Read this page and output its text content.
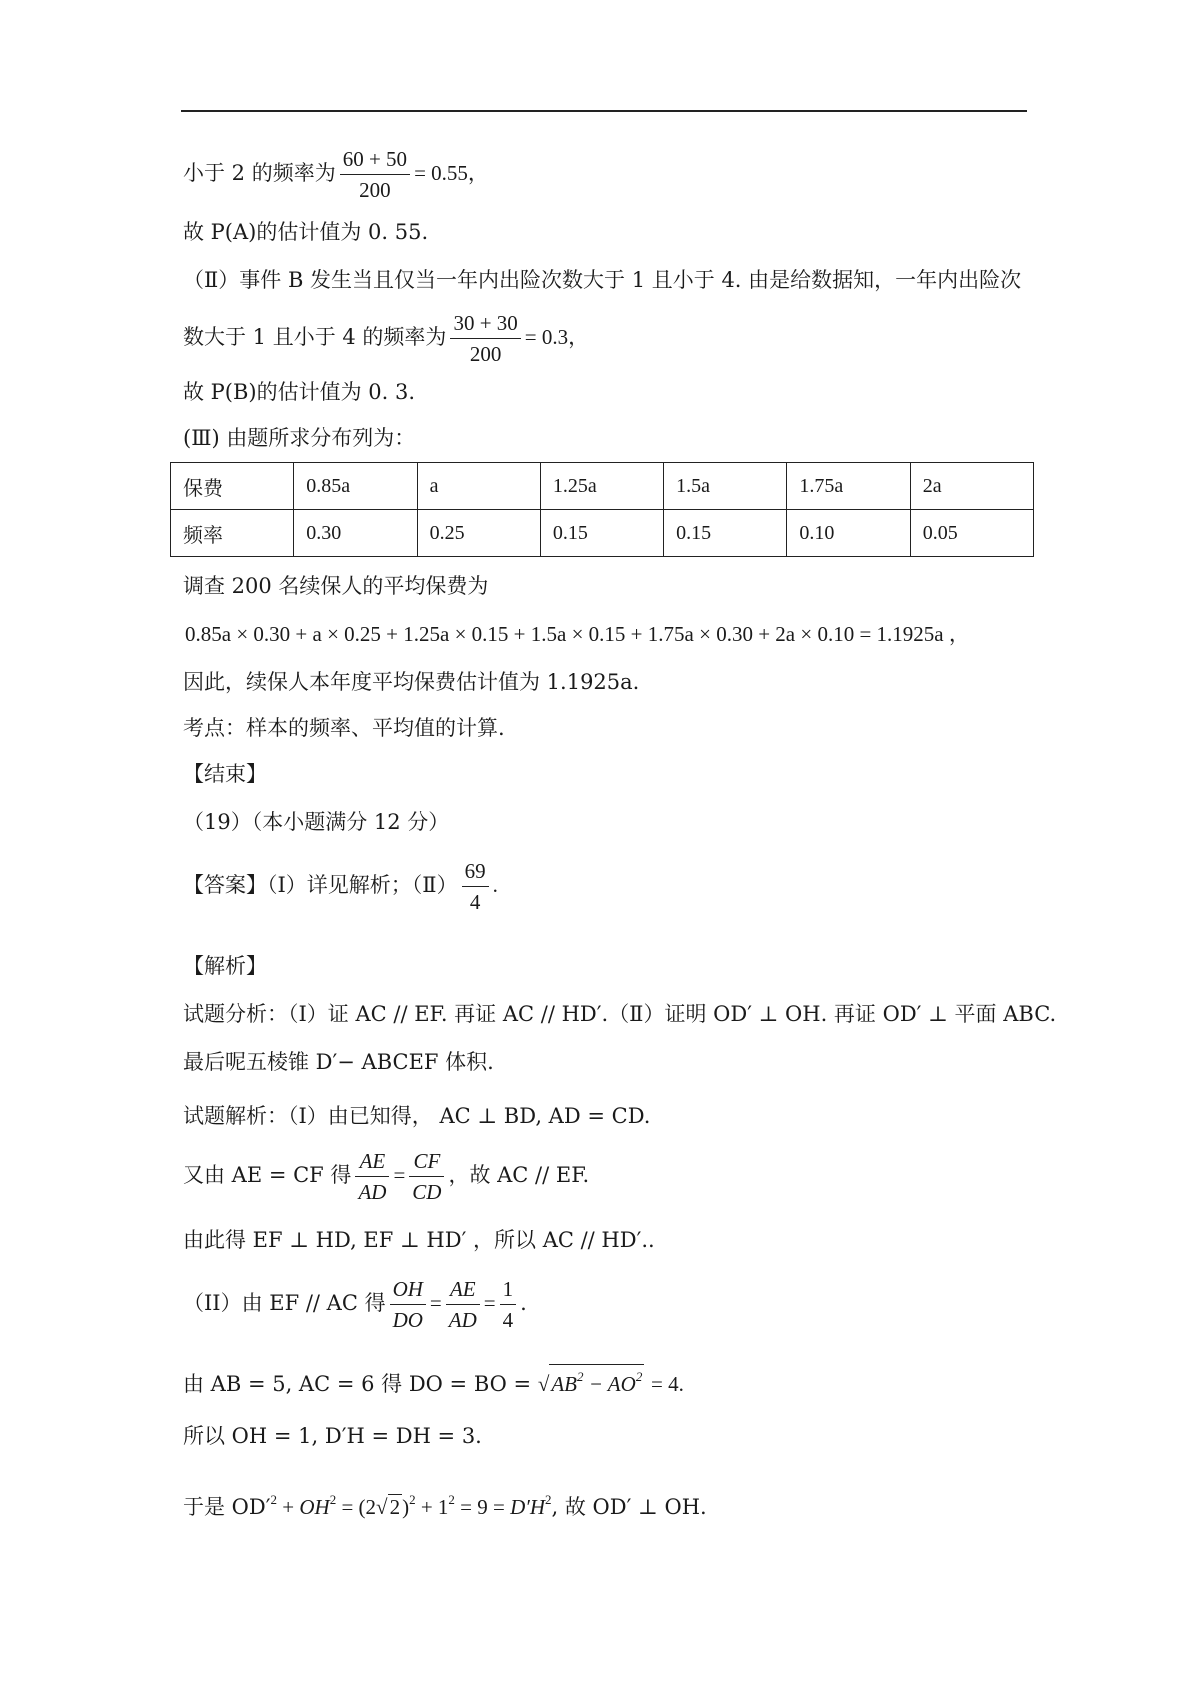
小于 2 的频率为 $\frac{60 + 50}{200} = 0.55$，
故 P(A)的估计值为 0. 55.
（Ⅱ）事件 B 发生当且仅当一年内出险次数大于 1 且小于 4. 由是给数据知，一年内出险次
数大于 1 且小于 4 的频率为 $\frac{30 + 30}{200} = 0.3$，
故 P(B)的估计值为 0. 3.
(Ⅲ) 由题所求分布列为：
保费	0.85a	a	1.25a	1.5a	1.75a	2a
频率	0.30	0.25	0.15	0.15	0.10	0.05
调查 200 名续保人的平均保费为
0.85a × 0.30 + a × 0.25 + 1.25a × 0.15 + 1.5a × 0.15 + 1.75a × 0.30 + 2a × 0.10 = 1.1925a ，
因此，续保人本年度平均保费估计值为 1.1925a.
考点：样本的频率、平均值的计算.
【结束】
（19）（本小题满分 12 分）
【答案】（Ⅰ）详见解析；（Ⅱ） $\frac{69}{4}$ .
【解析】
试题分析：（Ⅰ）证 AC // EF. 再证 AC // HD′.（Ⅱ）证明 OD′ ⊥ OH. 再证 OD′ ⊥ 平面 ABC.
最后呢五棱锥 D′− ABCEF 体积.
试题解析：（I）由已知得， AC ⊥ BD, AD = CD.
又由 AE = CF 得 $\frac{AE}{AD} = \frac{CF}{CD}$ ，故 AC // EF.
由此得 EF ⊥ HD, EF ⊥ HD′ ，所以 AC // HD′..
（II）由 EF // AC 得 $\frac{OH}{DO} = \frac{AE}{AD} = \frac{1}{4}$ .
由 AB = 5, AC = 6 得 DO = BO = $√AB^2 - AO^2 = 4$.
所以 OH = 1, D′H = DH = 3.
于是 $OD'^2 + OH^2 = (2√2)^2 + 1^2 = 9 = D'H^2$, 故 OD′ ⊥ OH.
